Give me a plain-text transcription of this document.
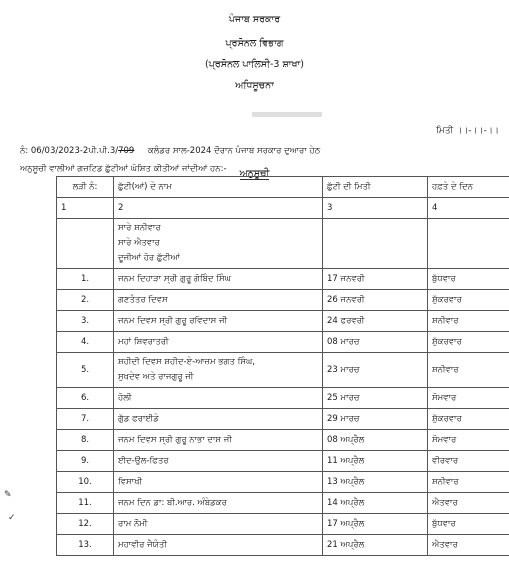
ਪੰਜਾਬ ਸਰਕਾਰ
ਪ੍ਰਸੋਨਲ ਵਿਭਾਗ
(ਪ੍ਰਸੋਨਲ ਪਾਲਿਸੀ-3 ਸ਼ਾਖਾ)
ਅਧਿਸੂਚਨਾ
ਮਿਤੀ ।।-।।-।।
ਨੰ: 06/03/2023-2ਪੀ.ਪੀ.3/709 ਕਲੰਡਰ ਸਾਲ-2024 ਦੌਰਾਨ ਪੰਜਾਬ ਸਰਕਾਰ ਦੁਆਰਾ ਹੇਠ
ਅਨੁਸੂਚੀ ਵਾਲੀਆਂ ਗਜ਼ਟਿਡ ਛੁੱਟੀਆਂ ਘੋਸ਼ਿਤ ਕੀਤੀਆਂ ਜਾਂਦੀਆਂ ਹਨ:-	ਅਨੁਸੂਚੀ
ਲੜੀ ਨੰ:	ਛੁੱਟੀ(ਆਂ) ਦੇ ਨਾਮ	ਛੁੱਟੀ ਦੀ ਮਿਤੀ	ਹਫ਼ਤੇ ਦੇ ਦਿਨ
1	2	3	4

	ਸਾਰੇ ਸ਼ਨੀਵਾਰ
ਸਾਰੇ ਐਤਵਾਰ
ਦੂਜੀਆਂ ਹੋਰ ਛੁੱਟੀਆਂ		

1.	ਜਨਮ ਦਿਹਾੜਾ ਸ੍ਰੀ ਗੁਰੂ ਗੋਬਿੰਦ ਸਿੰਘ	17 ਜਨਵਰੀ	ਬੁੱਧਵਾਰ
2.	ਗਣਤੰਤਰ ਦਿਵਸ	26 ਜਨਵਰੀ	ਸ਼ੁੱਕਰਵਾਰ
3.	ਜਨਮ ਦਿਵਸ ਸ੍ਰੀ ਗੁਰੂ ਰਵਿਦਾਸ ਜੀ	24 ਫਰਵਰੀ	ਸ਼ਨੀਵਾਰ
4.	ਮਹਾਂ ਸ਼ਿਵਰਾਤਰੀ	08 ਮਾਰਚ	ਸ਼ੁੱਕਰਵਾਰ
5.	ਸ਼ਹੀਦੀ ਦਿਵਸ ਸ਼ਹੀਦ-ਏ-ਆਜ਼ਮ ਭਗਤ ਸਿੰਘ,
ਸੁਖਦੇਵ ਅਤੇ ਰਾਜਗੁਰੂ ਜੀ	23 ਮਾਰਚ	ਸ਼ਨੀਵਾਰ
6.	ਹੋਲੀ	25 ਮਾਰਚ	ਸੋਮਵਾਰ
7.	ਗੁੱਡ ਫਰਾਈਡੇ	29 ਮਾਰਚ	ਸ਼ੁੱਕਰਵਾਰ
8.	ਜਨਮ ਦਿਵਸ ਸ੍ਰੀ ਗੁਰੂ ਨਾਭਾ ਦਾਸ ਜੀ	08 ਅਪ੍ਰੈਲ	ਸੋਮਵਾਰ
9.	ਈਦ-ਉਲ-ਫਿਤਰ	11 ਅਪ੍ਰੈਲ	ਵੀਰਵਾਰ
10.	ਵਿਸਾਖੀ	13 ਅਪ੍ਰੈਲ	ਸ਼ਨੀਵਾਰ
11.	ਜਨਮ ਦਿਨ ਡਾ: ਬੀ.ਆਰ. ਅੰਬੇਡਕਰ	14 ਅਪ੍ਰੈਲ	ਐਤਵਾਰ
12.	ਰਾਮ ਨੌਮੀ	17 ਅਪ੍ਰੈਲ	ਬੁੱਧਵਾਰ
13.	ਮਹਾਵੀਰ ਜੈਯੰਤੀ	21 ਅਪ੍ਰੈਲ	ਐਤਵਾਰ
✎
✓
